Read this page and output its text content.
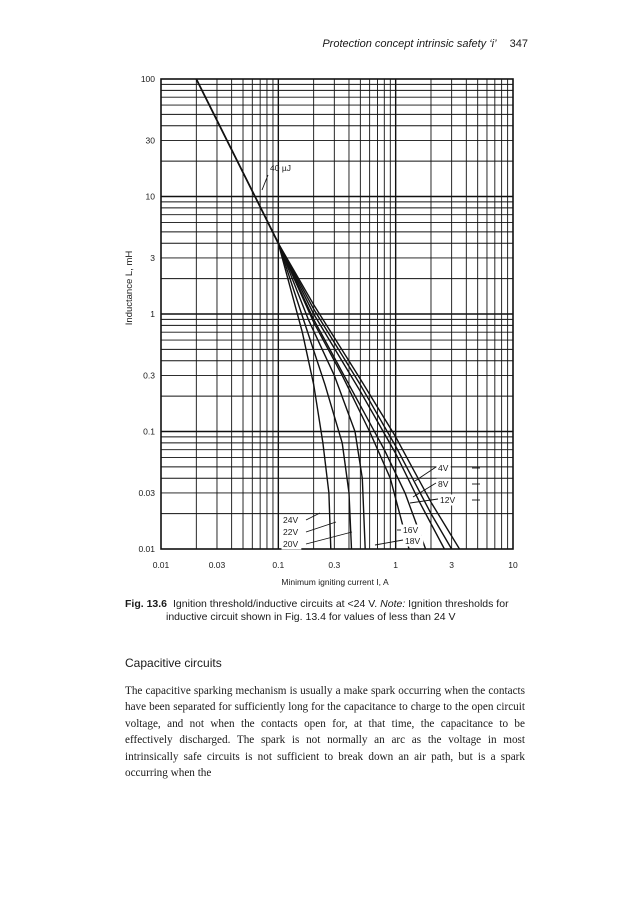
Protection concept intrinsic safety ‘i’ 347
0.01	0.03	0.1	0.3	1	3	10
0.01
0.03
0.1
0.3
1
3
10
30
100
40 µJ
4V
8V
12V
16V
18V
24V
22V
20V
Inductance L, mH
Minimum igniting current I, A
Fig. 13.6 Ignition threshold/inductive circuits at <24 V. Note: Ignition thresholds for
inductive circuit shown in Fig. 13.4 for values of less than 24 V
Capacitive circuits

The capacitive sparking mechanism is usually a make spark occurring when the contacts have been separated for sufficiently long for the capacitance to charge to the open circuit voltage, and not when the contacts open for, at that time, the capacitance to be effectively discharged. The spark is not normally an arc as the voltage in most intrinsically safe circuits is not sufficient to break down an air path, but is a spark occurring when the
